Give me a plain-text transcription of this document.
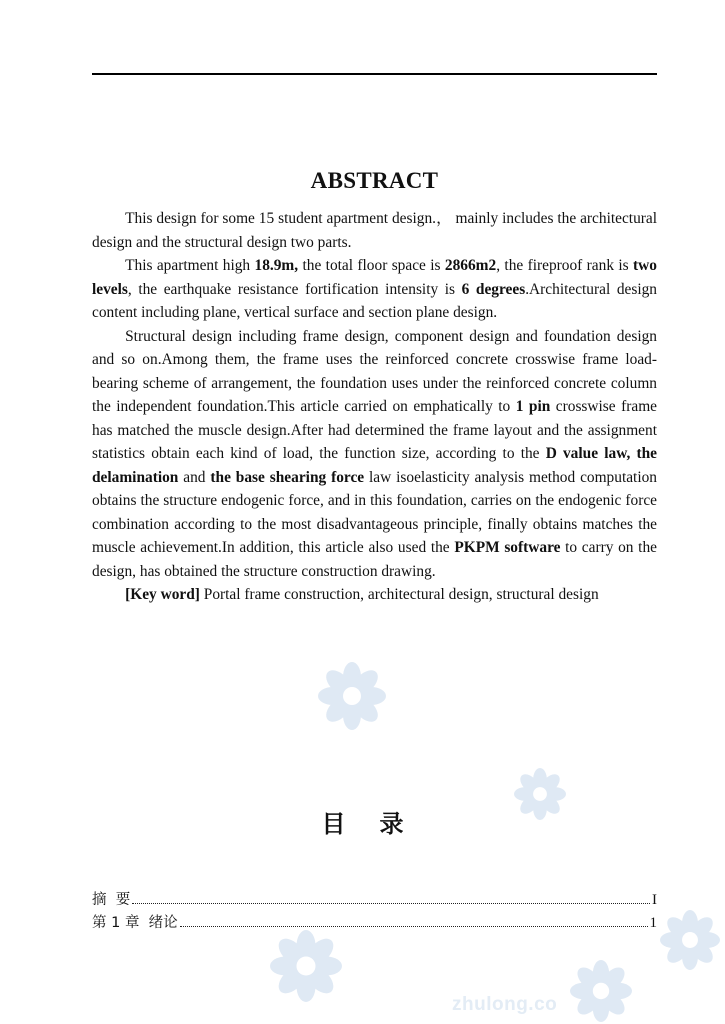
ABSTRACT

This design for some 15 student apartment design.， mainly includes the architectural design and the structural design two parts.

This apartment high 18.9m, the total floor space is 2866m2, the fireproof rank is two levels, the earthquake resistance fortification intensity is 6 degrees.Architectural design content including plane, vertical surface and section plane design.

Structural design including frame design, component design and foundation design and so on.Among them, the frame uses the reinforced concrete crosswise frame load-bearing scheme of arrangement, the foundation uses under the reinforced concrete column the independent foundation.This article carried on emphatically to 1 pin crosswise frame has matched the muscle design.After had determined the frame layout and the assignment statistics obtain each kind of load, the function size, according to the D value law, the delamination and the base shearing force law isoelasticity analysis method computation obtains the structure endogenic force, and in this foundation, carries on the endogenic force combination according to the most disadvantageous principle, finally obtains matches the muscle achievement.In addition, this article also used the PKPM software to carry on the design, has obtained the structure construction drawing.

[Key word] Portal frame construction, architectural design, structural design

目 录
摘  要	I
第 1 章  绪论	1
zhulong.co
